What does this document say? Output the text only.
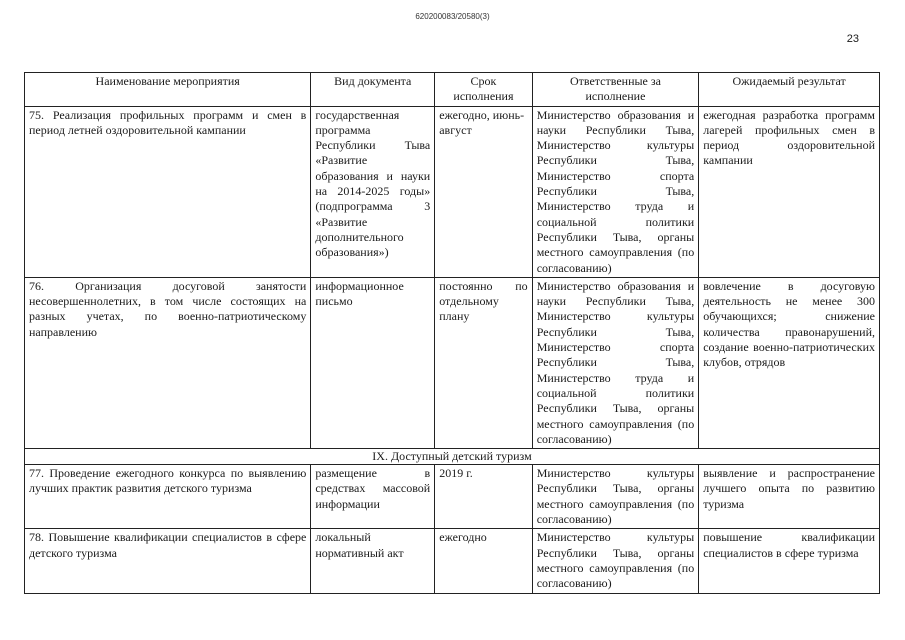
620200083/20580(3)
23
Наименование мероприятия	Вид документа	Срок исполнения	Ответственные за исполнение	Ожидаемый результат
75. Реализация профильных программ и смен в период летней оздоровительной кампании	государственная программа Республики Тыва «Развитие образования и науки на 2014-2025 годы» (подпрограмма 3 «Развитие дополнительного образования»)	ежегодно, июнь-август	Министерство образования и науки Республики Тыва, Министерство культуры Республики Тыва, Министерство спорта Республики Тыва, Министерство труда и социальной политики Республики Тыва, органы местного самоуправления (по согласованию)	ежегодная разработка программ лагерей профильных смен в период оздоровительной кампании
76. Организация досуговой занятости несовершеннолетних, в том числе состоящих на разных учетах, по военно-патриотическому направлению	информационное письмо	постоянно по отдельному плану	Министерство образования и науки Республики Тыва, Министерство культуры Республики Тыва, Министерство спорта Республики Тыва, Министерство труда и социальной политики Республики Тыва, органы местного самоуправления (по согласованию)	вовлечение в досуговую деятельность не менее 300 обучающихся; снижение количества правонарушений, создание военно-патриотических клубов, отрядов
IX. Доступный детский туризм				
77. Проведение ежегодного конкурса по выявлению лучших практик развития детского туризма	размещение в средствах массовой информации	2019 г.	Министерство культуры Республики Тыва, органы местного самоуправления (по согласованию)	выявление и распространение лучшего опыта по развитию туризма
78. Повышение квалификации специалистов в сфере детского туризма	локальный нормативный акт	ежегодно	Министерство культуры Республики Тыва, органы местного самоуправления (по согласованию)	повышение квалификации специалистов в сфере туризма
